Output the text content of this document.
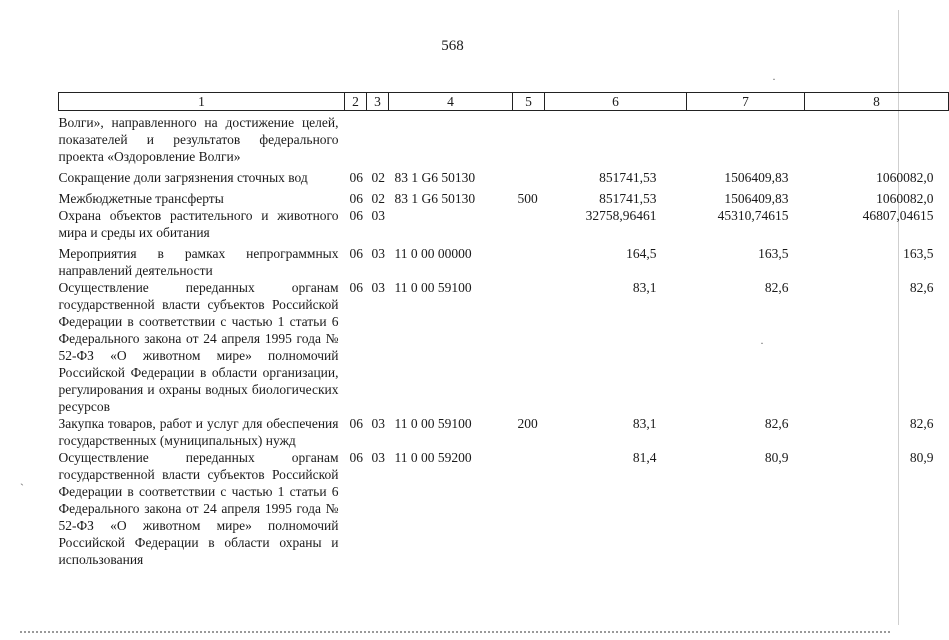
568
1	2	3	4	5	6	7	8
Волги», направленного на достижение целей, показателей и результатов федерального проекта «Оздоровление Волги»							

Сокращение доли загрязнения сточных вод	06	02	83 1 G6 50130		851741,53	1506409,83	1060082,0

Межбюджетные трансферты	06	02	83 1 G6 50130	500	851741,53	1506409,83	1060082,0
Охрана объектов растительного и животного мира и среды их обитания	06	03			32758,96461	45310,74615	46807,04615

Мероприятия в рамках непрограммных направлений деятельности	06	03	11 0 00 00000		164,5	163,5	163,5
Осуществление переданных органам государственной власти субъектов Российской Федерации в соответствии с частью 1 статьи 6 Федерального закона от 24 апреля 1995 года № 52-ФЗ «О животном мире» полномочий Российской Федерации в области организации, регулирования и охраны водных биологических ресурсов	06	03	11 0 00 59100		83,1	82,6	82,6
Закупка товаров, работ и услуг для обеспечения государственных (муниципальных) нужд	06	03	11 0 00 59100	200	83,1	82,6	82,6
Осуществление переданных органам государственной власти субъектов Российской Федерации в соответствии с частью 1 статьи 6 Федерального закона от 24 апреля 1995 года № 52-ФЗ «О животном мире» полномочий Российской Федерации в области охраны и использования	06	03	11 0 00 59200		81,4	80,9	80,9
·
·
ˏ
